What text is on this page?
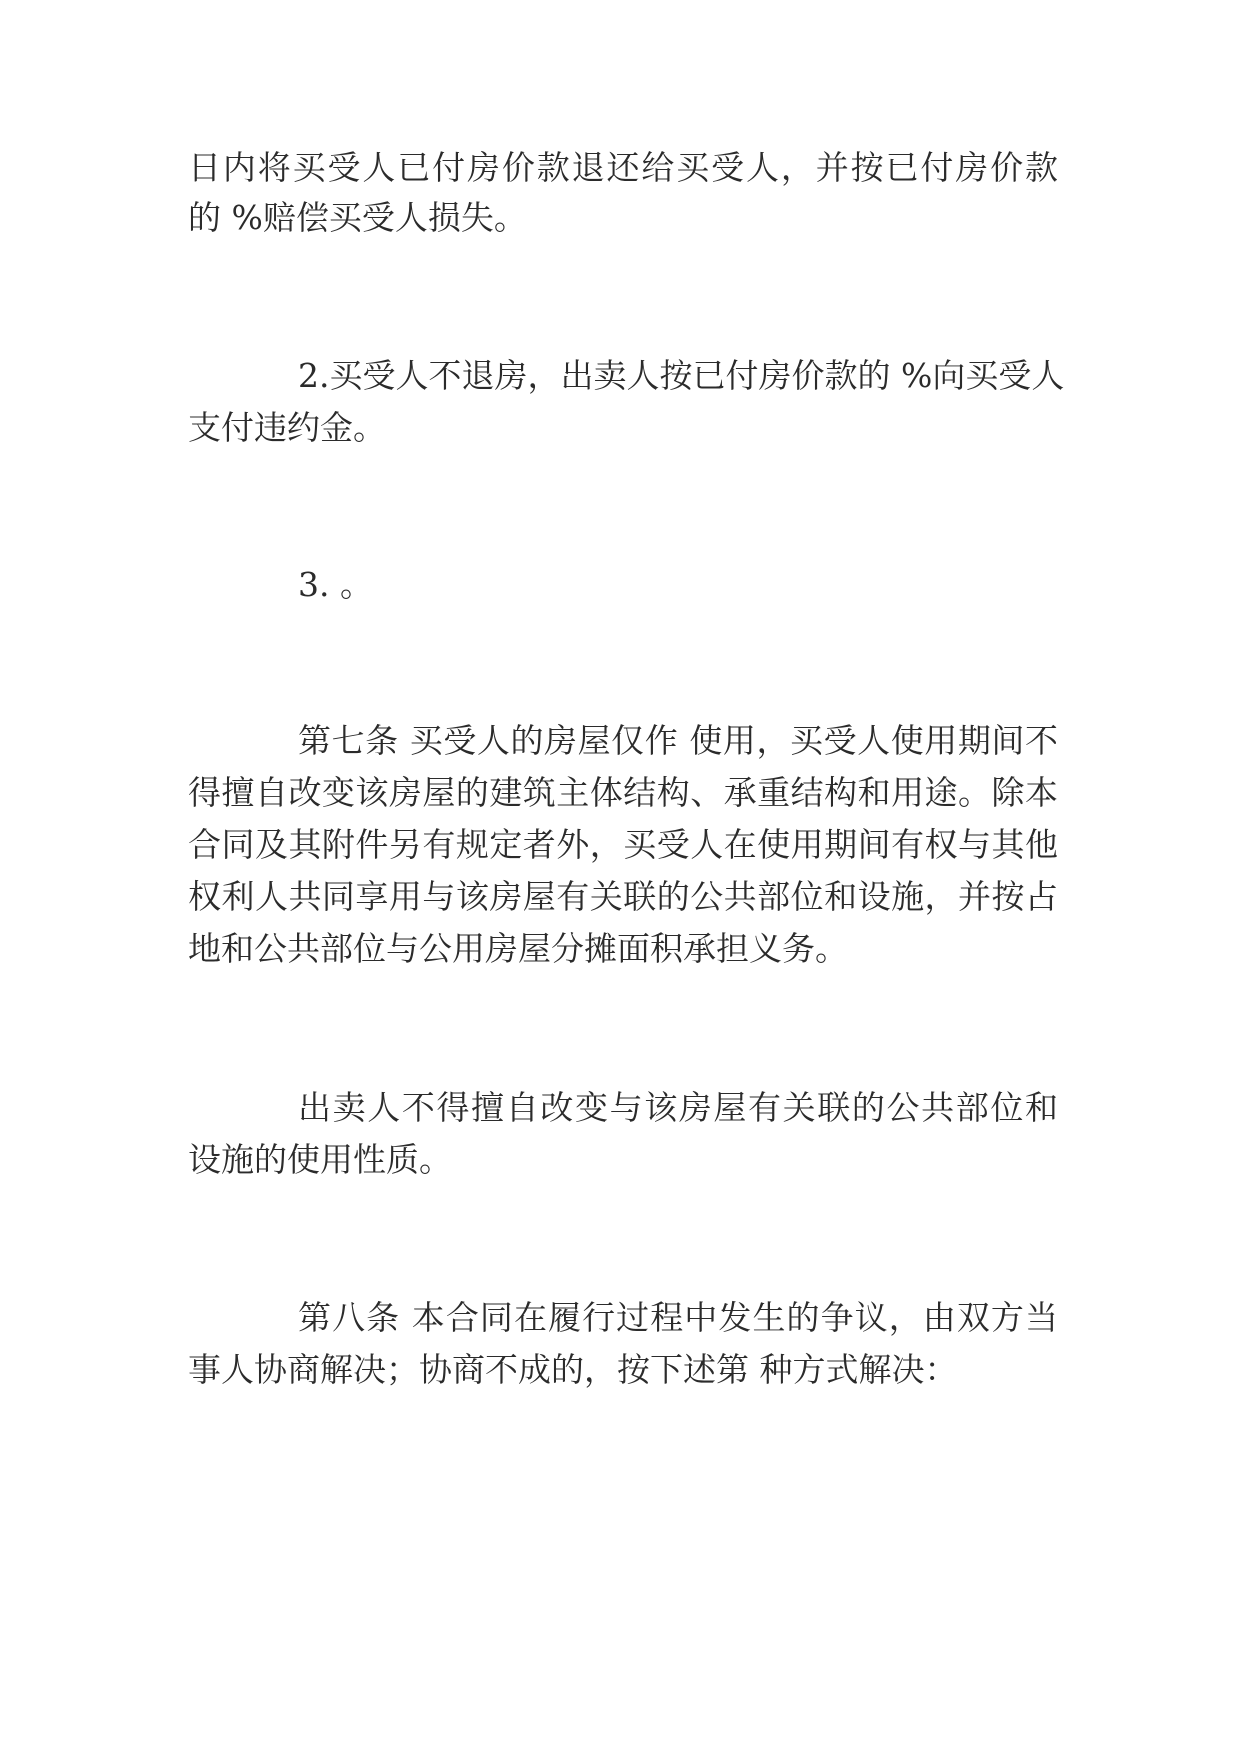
日内将买受人已付房价款退还给买受人，并按已付房价款
的 %赔偿买受人损失。
2.买受人不退房，出卖人按已付房价款的 %向买受人
支付违约金。
3. 。
第七条 买受人的房屋仅作 使用，买受人使用期间不
得擅自改变该房屋的建筑主体结构、承重结构和用途。除本
合同及其附件另有规定者外，买受人在使用期间有权与其他
权利人共同享用与该房屋有关联的公共部位和设施，并按占
地和公共部位与公用房屋分摊面积承担义务。
出卖人不得擅自改变与该房屋有关联的公共部位和
设施的使用性质。
第八条 本合同在履行过程中发生的争议，由双方当
事人协商解决；协商不成的，按下述第 种方式解决：
